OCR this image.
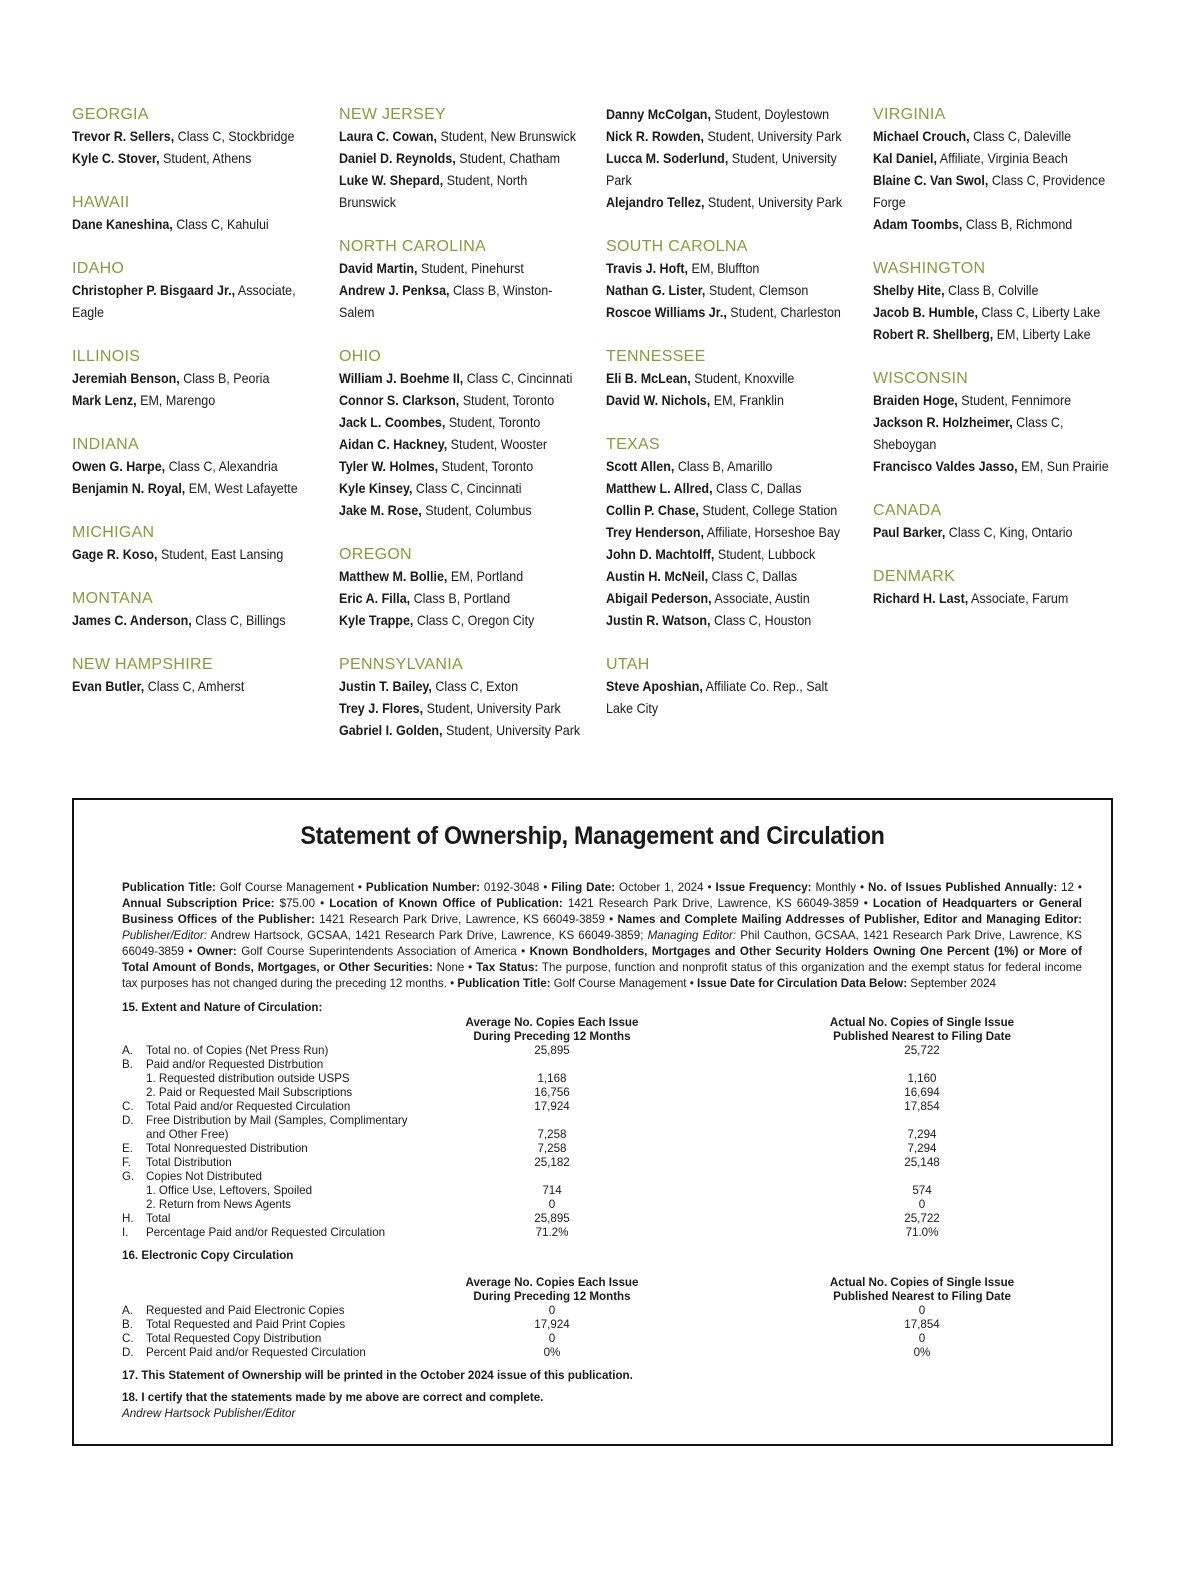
GEORGIA

Trevor R. Sellers, Class C, Stockbridge

Kyle C. Stover, Student, Athens

HAWAII

Dane Kaneshina, Class C, Kahului

IDAHO

Christopher P. Bisgaard Jr., Associate,

Eagle

ILLINOIS

Jeremiah Benson, Class B, Peoria

Mark Lenz, EM, Marengo

INDIANA

Owen G. Harpe, Class C, Alexandria

Benjamin N. Royal, EM, West Lafayette

MICHIGAN

Gage R. Koso, Student, East Lansing

MONTANA

James C. Anderson, Class C, Billings

NEW HAMPSHIRE

Evan Butler, Class C, Amherst

NEW JERSEY

Laura C. Cowan, Student, New Brunswick

Daniel D. Reynolds, Student, Chatham

Luke W. Shepard, Student, North

Brunswick

NORTH CAROLINA

David Martin, Student, Pinehurst

Andrew J. Penksa, Class B, Winston-

Salem

OHIO

William J. Boehme II, Class C, Cincinnati

Connor S. Clarkson, Student, Toronto

Jack L. Coombes, Student, Toronto

Aidan C. Hackney, Student, Wooster

Tyler W. Holmes, Student, Toronto

Kyle Kinsey, Class C, Cincinnati

Jake M. Rose, Student, Columbus

OREGON

Matthew M. Bollie, EM, Portland

Eric A. Filla, Class B, Portland

Kyle Trappe, Class C, Oregon City

PENNSYLVANIA

Justin T. Bailey, Class C, Exton

Trey J. Flores, Student, University Park

Gabriel I. Golden, Student, University Park

Danny McColgan, Student, Doylestown

Nick R. Rowden, Student, University Park

Lucca M. Soderlund, Student, University

Park

Alejandro Tellez, Student, University Park

SOUTH CAROLNA

Travis J. Hoft, EM, Bluffton

Nathan G. Lister, Student, Clemson

Roscoe Williams Jr., Student, Charleston

TENNESSEE

Eli B. McLean, Student, Knoxville

David W. Nichols, EM, Franklin

TEXAS

Scott Allen, Class B, Amarillo

Matthew L. Allred, Class C, Dallas

Collin P. Chase, Student, College Station

Trey Henderson, Affiliate, Horseshoe Bay

John D. Machtolff, Student, Lubbock

Austin H. McNeil, Class C, Dallas

Abigail Pederson, Associate, Austin

Justin R. Watson, Class C, Houston

UTAH

Steve Aposhian, Affiliate Co. Rep., Salt

Lake City

VIRGINIA

Michael Crouch, Class C, Daleville

Kal Daniel, Affiliate, Virginia Beach

Blaine C. Van Swol, Class C, Providence

Forge

Adam Toombs, Class B, Richmond

WASHINGTON

Shelby Hite, Class B, Colville

Jacob B. Humble, Class C, Liberty Lake

Robert R. Shellberg, EM, Liberty Lake

WISCONSIN

Braiden Hoge, Student, Fennimore

Jackson R. Holzheimer, Class C,

Sheboygan

Francisco Valdes Jasso, EM, Sun Prairie

CANADA

Paul Barker, Class C, King, Ontario

DENMARK

Richard H. Last, Associate, Farum

Statement of Ownership, Management and Circulation

Publication Title: Golf Course Management • Publication Number: 0192-3048 • Filing Date: October 1, 2024 • Issue Frequency: Monthly • No. of Issues Published Annually: 12 • Annual Subscription Price: $75.00 • Location of Known Office of Publication: 1421 Research Park Drive, Lawrence, KS 66049-3859 • Location of Headquarters or General Business Offices of the Publisher: 1421 Research Park Drive, Lawrence, KS 66049-3859 • Names and Complete Mailing Addresses of Publisher, Editor and Managing Editor: Publisher/Editor: Andrew Hartsock, GCSAA, 1421 Research Park Drive, Lawrence, KS 66049-3859; Managing Editor: Phil Cauthon, GCSAA, 1421 Research Park Drive, Lawrence, KS 66049-3859 • Owner: Golf Course Superintendents Association of America • Known Bondholders, Mortgages and Other Security Holders Owning One Percent (1%) or More of Total Amount of Bonds, Mortgages, or Other Securities: None • Tax Status: The purpose, function and nonprofit status of this organization and the exempt status for federal income tax purposes has not changed during the preceding 12 months. • Publication Title: Golf Course Management • Issue Date for Circulation Data Below: September 2024

15. Extent and Nature of Circulation:

Average No. Copies Each Issue
During Preceding 12 Months
Actual No. Copies of Single Issue
Published Nearest to Filing Date
A.	Total no. of Copies (Net Press Run)	25,895	25,722
B.	Paid and/or Requested Distrbution
1. Requested distribution outside USPS	1,168	1,160
2. Paid or Requested Mail Subscriptions	16,756	16,694
C.	Total Paid and/or Requested Circulation	17,924	17,854
D.	Free Distribution by Mail (Samples, Complimentary
and Other Free)	7,258	7,294
E.	Total Nonrequested Distribution	7,258	7,294
F.	Total Distribution	25,182	25,148
G.	Copies Not Distributed
1. Office Use, Leftovers, Spoiled	714	574
2. Return from News Agents	0	0
H.	Total	25,895	25,722
I.	Percentage Paid and/or Requested Circulation	71.2%	71.0%

16. Electronic Copy Circulation

Average No. Copies Each Issue
During Preceding 12 Months
Actual No. Copies of Single Issue
Published Nearest to Filing Date
A.	Requested and Paid Electronic Copies	0	0
B.	Total Requested and Paid Print Copies	17,924	17,854
C.	Total Requested Copy Distribution	0	0
D.	Percent Paid and/or Requested Circulation	0%	0%

17. This Statement of Ownership will be printed in the October 2024 issue of this publication.

18. I certify that the statements made by me above are correct and complete.

Andrew Hartsock Publisher/Editor
